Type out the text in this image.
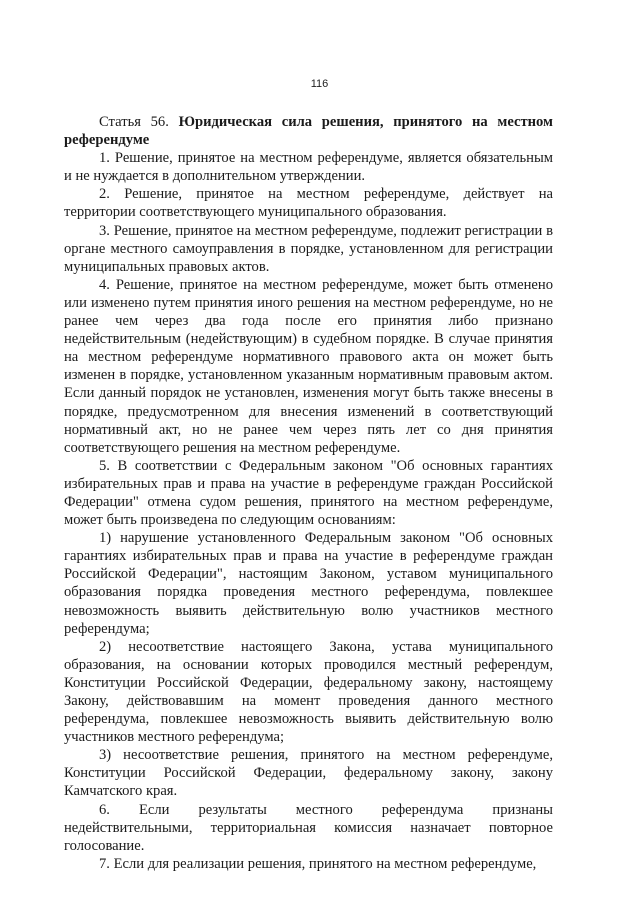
116

Статья 56. Юридическая сила решения, принятого на местном референдуме

1. Решение, принятое на местном референдуме, является обязательным и не нуждается в дополнительном утверждении.

2. Решение, принятое на местном референдуме, действует на территории соответствующего муниципального образования.

3. Решение, принятое на местном референдуме, подлежит регистрации в органе местного самоуправления в порядке, установленном для регистрации муниципальных правовых актов.

4. Решение, принятое на местном референдуме, может быть отменено или изменено путем принятия иного решения на местном референдуме, но не ранее чем через два года после его принятия либо признано недействительным (недействующим) в судебном порядке. В случае принятия на местном референдуме нормативного правового акта он может быть изменен в порядке, установленном указанным нормативным правовым актом. Если данный порядок не установлен, изменения могут быть также внесены в порядке, предусмотренном для внесения изменений в соответствующий нормативный акт, но не ранее чем через пять лет со дня принятия соответствующего решения на местном референдуме.

5. В соответствии с Федеральным законом "Об основных гарантиях избирательных прав и права на участие в референдуме граждан Российской Федерации" отмена судом решения, принятого на местном референдуме, может быть произведена по следующим основаниям:

1) нарушение установленного Федеральным законом "Об основных гарантиях избирательных прав и права на участие в референдуме граждан Российской Федерации", настоящим Законом, уставом муниципального образования порядка проведения местного референдума, повлекшее невозможность выявить действительную волю участников местного референдума;

2) несоответствие настоящего Закона, устава муниципального образования, на основании которых проводился местный референдум, Конституции Российской Федерации, федеральному закону, настоящему Закону, действовавшим на момент проведения данного местного референдума, повлекшее невозможность выявить действительную волю участников местного референдума;

3) несоответствие решения, принятого на местном референдуме, Конституции Российской Федерации, федеральному закону, закону Камчатского края.

6. Если результаты местного референдума признаны недействительными, территориальная комиссия назначает повторное голосование.

7. Если для реализации решения, принятого на местном референдуме,
